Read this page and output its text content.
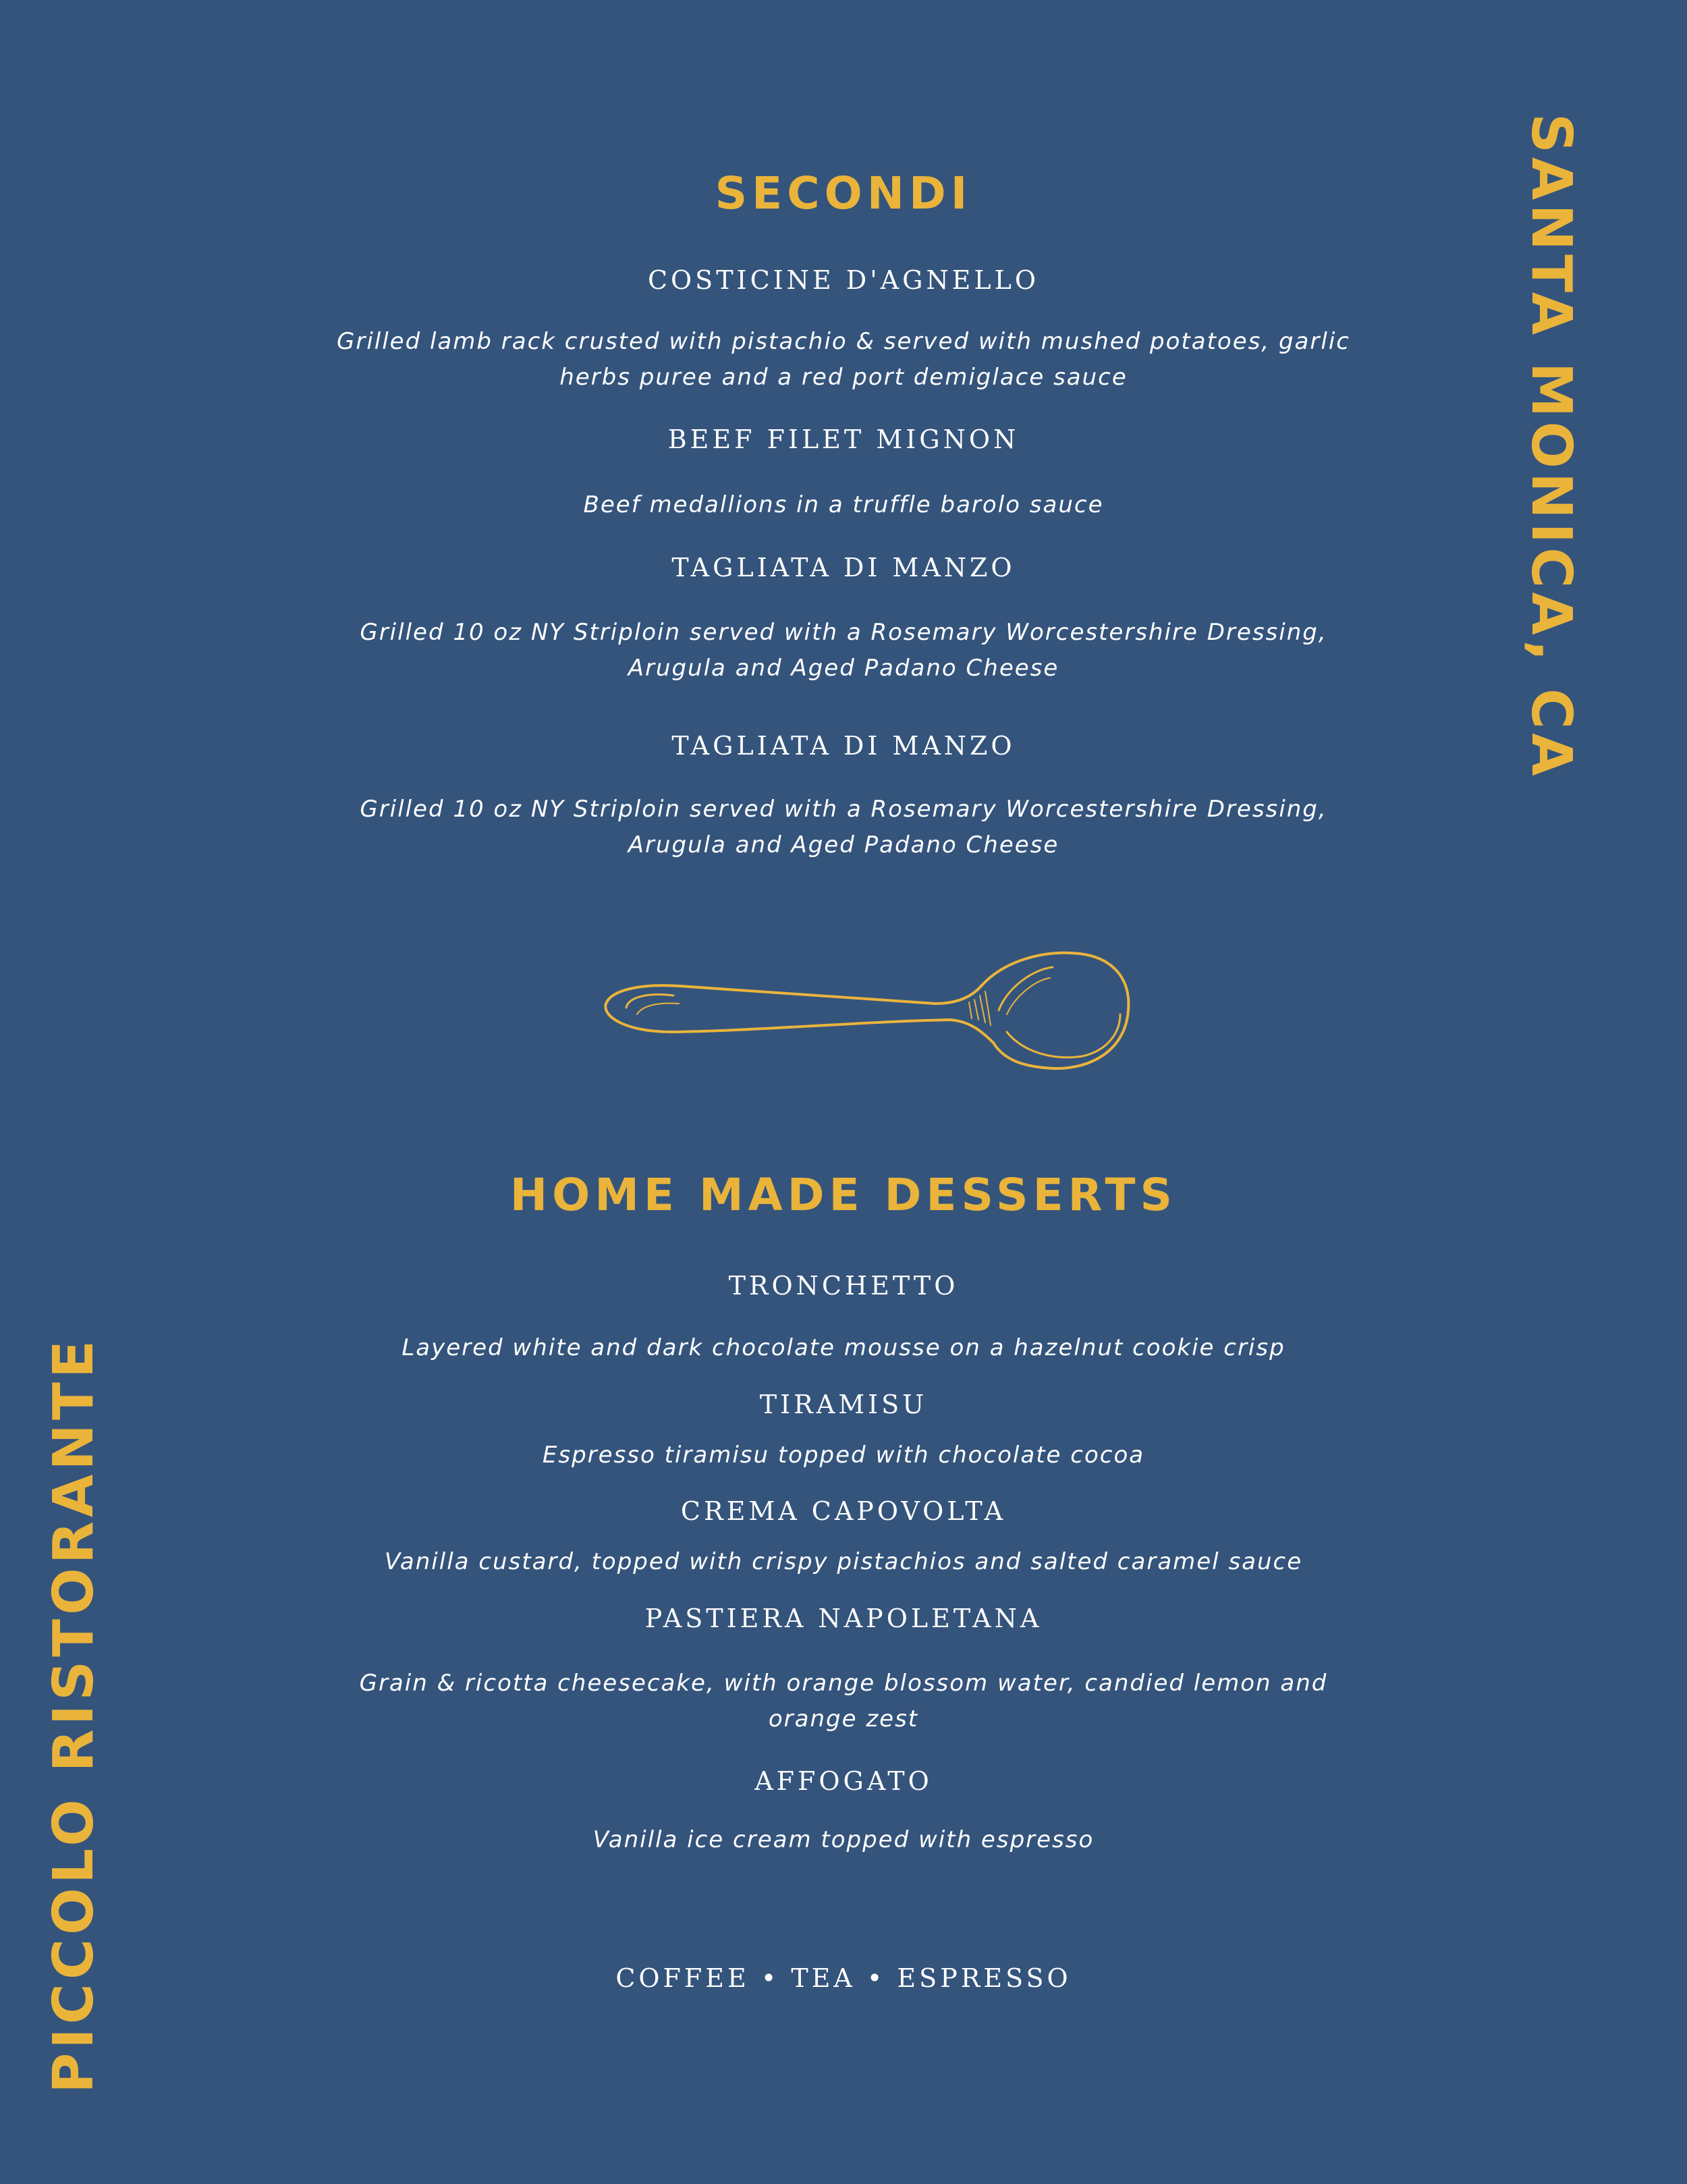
SANTA MONICA, CA
PICCOLO RISTORANTE
SECONDI
COSTICINE D'AGNELLO
Grilled lamb rack crusted with pistachio & served with mushed potatoes, garlic
herbs puree and a red port demiglace sauce
BEEF FILET MIGNON
Beef medallions in a truffle barolo sauce
TAGLIATA DI MANZO
Grilled 10 oz NY Striploin served with a Rosemary Worcestershire Dressing,
Arugula and Aged Padano Cheese
TAGLIATA DI MANZO
Grilled 10 oz NY Striploin served with a Rosemary Worcestershire Dressing,
Arugula and Aged Padano Cheese
HOME MADE DESSERTS
TRONCHETTO
Layered white and dark chocolate mousse on a hazelnut cookie crisp
TIRAMISU
Espresso tiramisu topped with chocolate cocoa
CREMA CAPOVOLTA
Vanilla custard, topped with crispy pistachios and salted caramel sauce
PASTIERA NAPOLETANA
Grain & ricotta cheesecake, with orange blossom water, candied lemon and
orange zest
AFFOGATO
Vanilla ice cream topped with espresso
COFFEE • TEA • ESPRESSO
